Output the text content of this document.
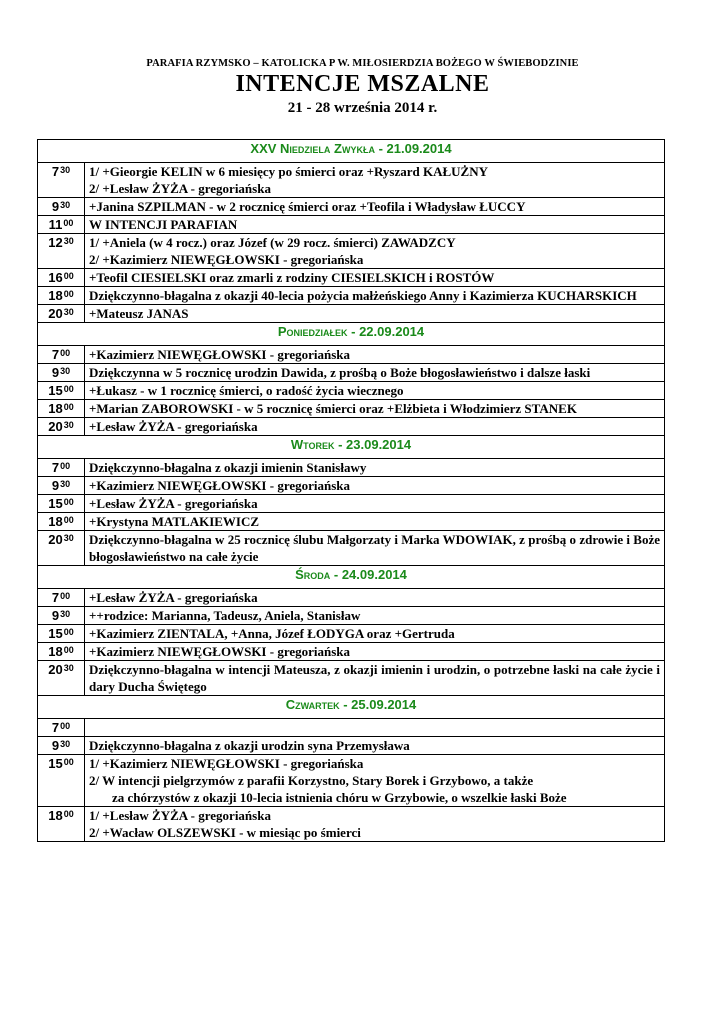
PARAFIA RZYMSKO – KATOLICKA P W. MIŁOSIERDZIA BOŻEGO W ŚWIEBODZINIE
INTENCJE MSZALNE
21 - 28 września 2014 r.
XXV Niedziela Zwykła - 21.09.2014	
$7^{30}$	1/ +Gieorgie KELIN w 6 miesięcy po śmierci oraz +Ryszard KAŁUŻNY
2/ +Lesław ŻYŻA - gregoriańska

$9^{30}$	+Janina SZPILMAN - w 2 rocznicę śmierci oraz +Teofila i Władysław ŁUCCY

$11^{00}$	W INTENCJI PARAFIAN

$12^{30}$	1/ +Aniela (w 4 rocz.) oraz Józef (w 29 rocz. śmierci) ZAWADZCY
2/ +Kazimierz NIEWĘGŁOWSKI - gregoriańska

$16^{00}$	+Teofil CIESIELSKI oraz zmarli z rodziny CIESIELSKICH i ROSTÓW

$18^{00}$	Dziękczynno-błagalna z okazji 40-lecia pożycia małżeńskiego Anny i Kazimierza KUCHARSKICH

$20^{30}$	+Mateusz JANAS

Poniedziałek - 22.09.2014	
$7^{00}$	+Kazimierz NIEWĘGŁOWSKI - gregoriańska

$9^{30}$	Dziękczynna w 5 rocznicę urodzin Dawida, z prośbą o Boże błogosławieństwo i dalsze łaski

$15^{00}$	+Łukasz - w 1 rocznicę śmierci, o radość życia wiecznego

$18^{00}$	+Marian ZABOROWSKI - w 5 rocznicę śmierci oraz +Elżbieta i Włodzimierz STANEK

$20^{30}$	+Lesław ŻYŻA - gregoriańska

Wtorek - 23.09.2014	
$7^{00}$	Dziękczynno-błagalna z okazji imienin Stanisławy

$9^{30}$	+Kazimierz NIEWĘGŁOWSKI - gregoriańska

$15^{00}$	+Lesław ŻYŻA - gregoriańska

$18^{00}$	+Krystyna MATLAKIEWICZ

$20^{30}$	Dziękczynno-błagalna w 25 rocznicę ślubu Małgorzaty i Marka WDOWIAK, z prośbą o zdrowie i Boże błogosławieństwo na całe życie

Środa - 24.09.2014	
$7^{00}$	+Lesław ŻYŻA - gregoriańska

$9^{30}$	++rodzice: Marianna, Tadeusz, Aniela, Stanisław

$15^{00}$	+Kazimierz ZIENTALA, +Anna, Józef ŁODYGA oraz +Gertruda

$18^{00}$	+Kazimierz NIEWĘGŁOWSKI - gregoriańska

$20^{30}$	Dziękczynno-błagalna w intencji Mateusza, z okazji imienin i urodzin, o potrzebne łaski na całe życie i dary Ducha Świętego

Czwartek - 25.09.2014	
$7^{00}$	

$9^{30}$	Dziękczynno-błagalna z okazji urodzin syna Przemysława

$15^{00}$	1/ +Kazimierz NIEWĘGŁOWSKI - gregoriańska
2/ W intencji pielgrzymów z parafii Korzystno, Stary Borek i Grzybowo, a także
za chórzystów z okazji 10-lecia istnienia chóru w Grzybowie, o wszelkie łaski Boże

$18^{00}$	1/ +Lesław ŻYŻA - gregoriańska
2/ +Wacław OLSZEWSKI - w miesiąc po śmierci
